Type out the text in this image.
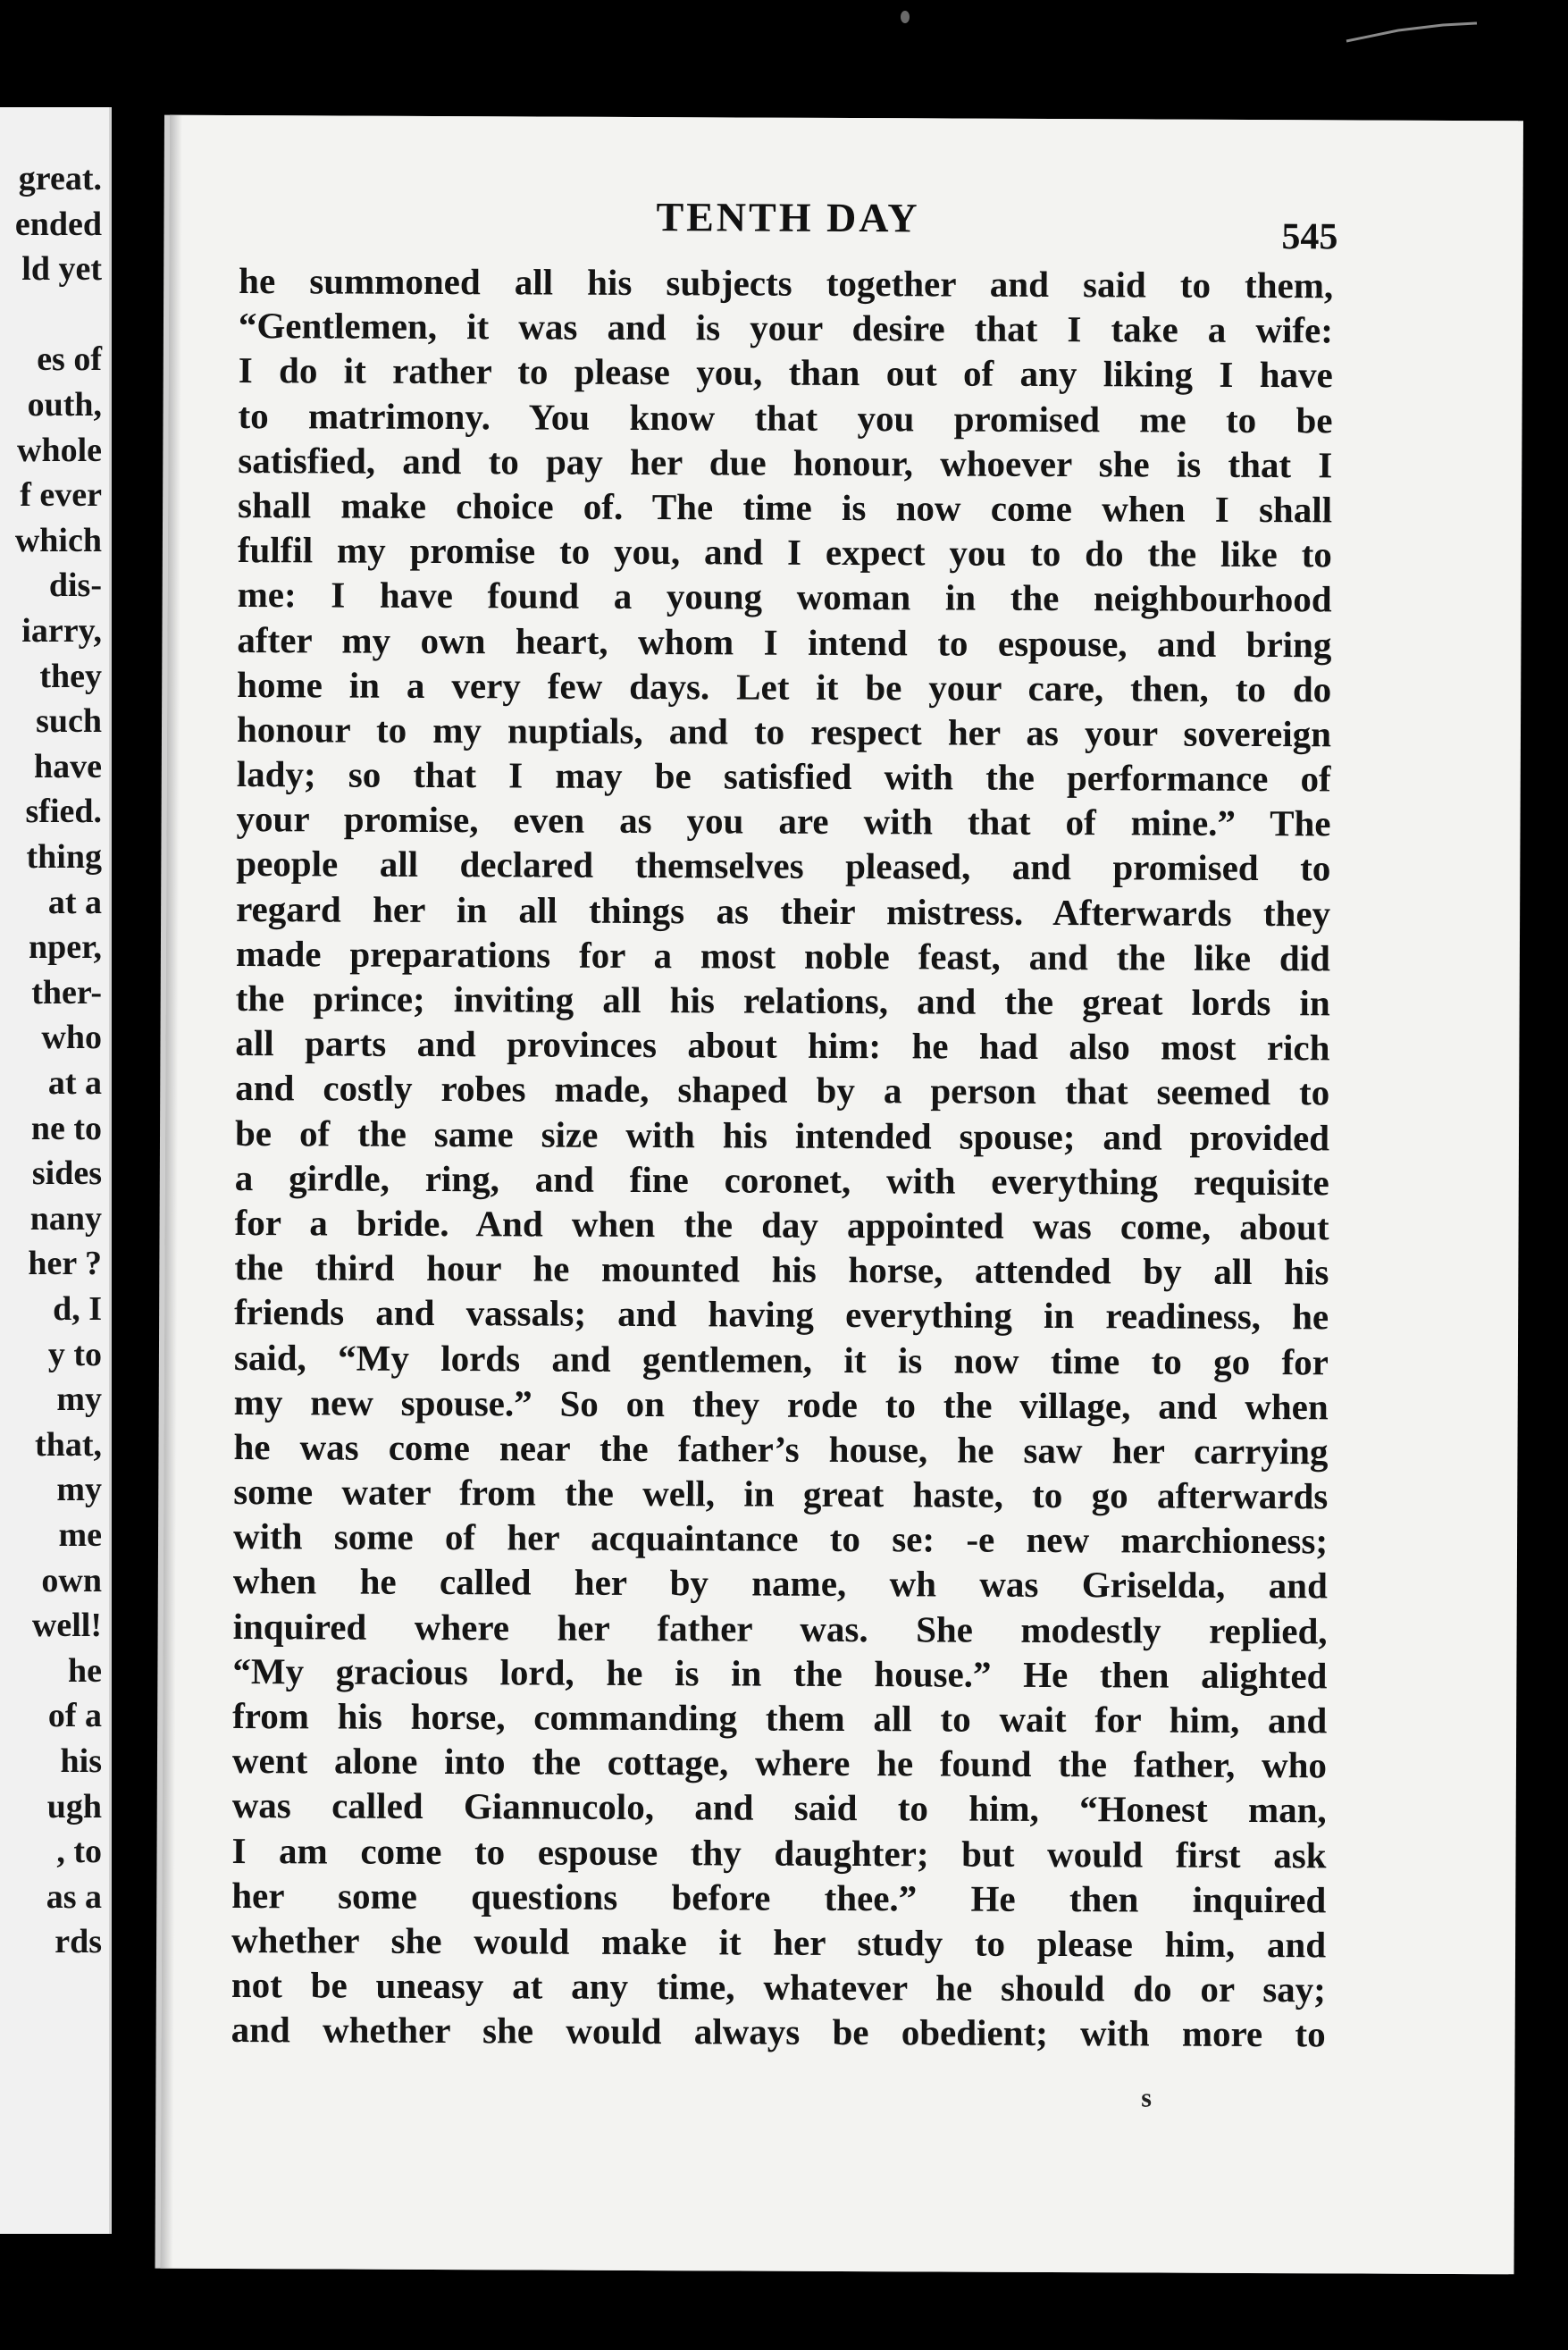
great.
ended
ld yet
es of
outh,
whole
f ever
which
dis-
iarry,
they
such
have
sfied.
thing
at a
nper,
ther-
who
at a
ne to
sides
nany
her ?
d, I
y to
my
that,
my
me
own
well!
he
of a
his
ugh
, to
as a
rds
TENTH DAY	545
he summoned all his subjects together and said to them,
“Gentlemen, it was and is your desire that I take a wife:
I do it rather to please you, than out of any liking I have
to matrimony. You know that you promised me to be
satisfied, and to pay her due honour, whoever she is that I
shall make choice of. The time is now come when I shall
fulfil my promise to you, and I expect you to do the like to
me: I have found a young woman in the neighbourhood
after my own heart, whom I intend to espouse, and bring
home in a very few days. Let it be your care, then, to do
honour to my nuptials, and to respect her as your sovereign
lady; so that I may be satisfied with the performance of
your promise, even as you are with that of mine.” The
people all declared themselves pleased, and promised to
regard her in all things as their mistress. Afterwards they
made preparations for a most noble feast, and the like did
the prince; inviting all his relations, and the great lords in
all parts and provinces about him: he had also most rich
and costly robes made, shaped by a person that seemed to
be of the same size with his intended spouse; and provided
a girdle, ring, and fine coronet, with everything requisite
for a bride. And when the day appointed was come, about
the third hour he mounted his horse, attended by all his
friends and vassals; and having everything in readiness, he
said, “My lords and gentlemen, it is now time to go for
my new spouse.” So on they rode to the village, and when
he was come near the father’s house, he saw her carrying
some water from the well, in great haste, to go afterwards
with some of her acquaintance to se: -e new marchioness;
when he called her by name, wh was Griselda, and
inquired where her father was. She modestly replied,
“My gracious lord, he is in the house.” He then alighted
from his horse, commanding them all to wait for him, and
went alone into the cottage, where he found the father, who
was called Giannucolo, and said to him, “Honest man,
I am come to espouse thy daughter; but would first ask
her some questions before thee.” He then inquired
whether she would make it her study to please him, and
not be uneasy at any time, whatever he should do or say;
and whether she would always be obedient; with more to
s
